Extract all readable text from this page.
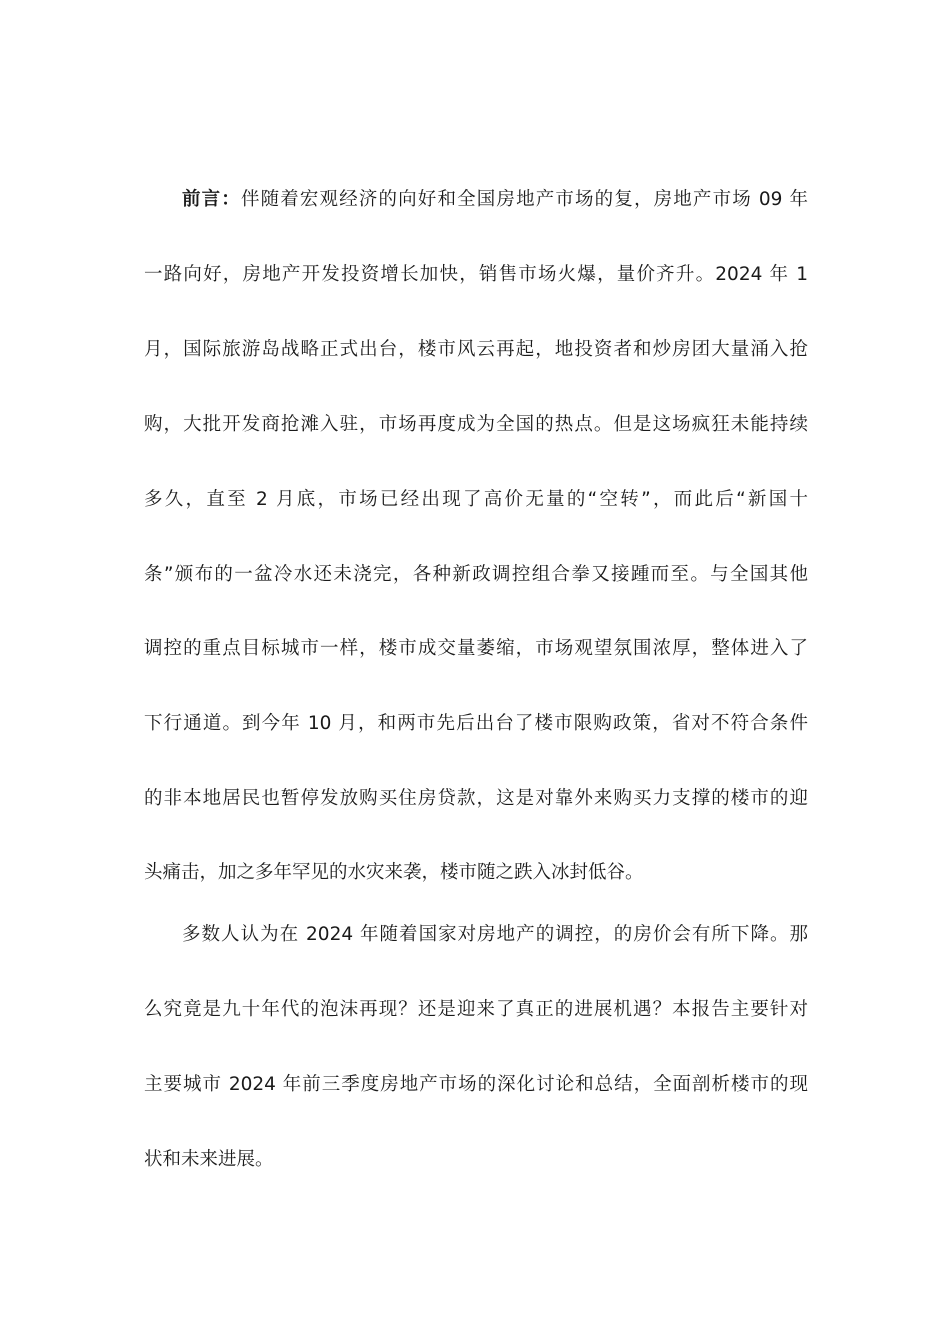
前言：伴随着宏观经济的向好和全国房地产市场的复，房地产市场 09 年
一路向好，房地产开发投资增长加快，销售市场火爆，量价齐升。2024 年 1
月，国际旅游岛战略正式出台，楼市风云再起，地投资者和炒房团大量涌入抢
购，大批开发商抢滩入驻，市场再度成为全国的热点。但是这场疯狂未能持续
多久，直至 2 月底，市场已经出现了高价无量的“空转”，而此后“新国十
条”颁布的一盆冷水还未浇完，各种新政调控组合拳又接踵而至。与全国其他
调控的重点目标城市一样，楼市成交量萎缩，市场观望氛围浓厚，整体进入了
下行通道。到今年 10 月，和两市先后出台了楼市限购政策，省对不符合条件
的非本地居民也暂停发放购买住房贷款，这是对靠外来购买力支撑的楼市的迎
头痛击，加之多年罕见的水灾来袭，楼市随之跌入冰封低谷。
多数人认为在 2024 年随着国家对房地产的调控，的房价会有所下降。那
么究竟是九十年代的泡沫再现？还是迎来了真正的进展机遇？本报告主要针对
主要城市 2024 年前三季度房地产市场的深化讨论和总结，全面剖析楼市的现
状和未来进展。
